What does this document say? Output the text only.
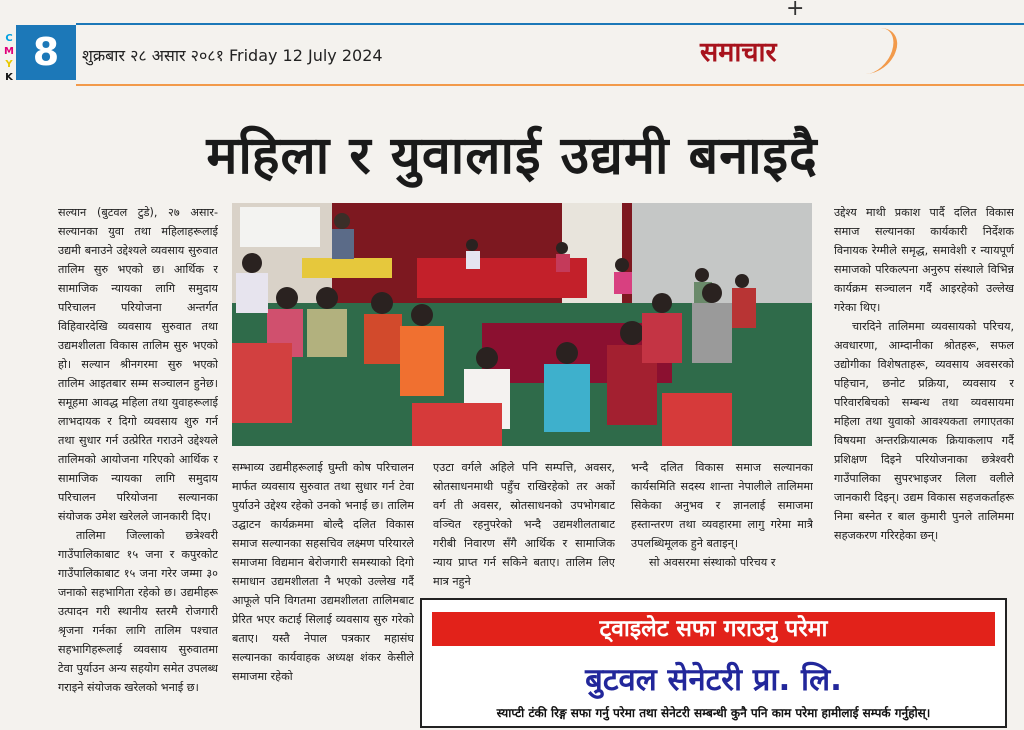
C
M
Y
K
+
8	शुक्रबार २८ असार २०८१ Friday 12 July 2024	समाचार
महिला र युवालाई उद्यमी बनाइदै

सल्यान (बुटवल टुडे), २७ असार-सल्यानका युवा तथा महिलाहरूलाई उद्यमी बनाउने उद्देश्यले व्यवसाय सुरुवात तालिम सुरु भएको छ। आर्थिक र सामाजिक न्यायका लागि समुदाय परिचालन परियोजना अन्तर्गत विहिवारदेखि व्यवसाय सुरुवात तथा उद्यमशीलता विकास तालिम सुरु भएको हो। सल्यान श्रीनगरमा सुरु भएको तालिम आइतबार सम्म सञ्चालन हुनेछ। समूहमा आवद्ध महिला तथा युवाहरूलाई लाभदायक र दिगो व्यवसाय शुरु गर्न तथा सुधार गर्न उत्प्रेरित गराउने उद्देश्यले तालिमको आयोजना गरिएको आर्थिक र सामाजिक न्यायका लागि समुदाय परिचालन परियोजना सल्यानका संयोजक उमेश खरेलले जानकारी दिए।

तालिमा जिल्लाको छत्रेश्वरी गाउँपालिकाबाट १५ जना र कपुरकोट गाउँपालिकाबाट १५ जना गरेर जम्मा ३० जनाको सहभागिता रहेको छ। उद्यमीहरू उत्पादन गरी स्थानीय स्तरमै रोजगारी श्रृजना गर्नका लागि तालिम पश्चात सहभागिहरूलाई व्यवसाय सुरुवातमा टेवा पुर्याउन अन्य सहयोग समेत उपलब्ध गराइने संयोजक खरेलको भनाई छ।

सम्भाव्य उद्यमीहरूलाई घुम्ती कोष परिचालन मार्फत व्यवसाय सुरुवात तथा सुधार गर्न टेवा पुर्याउने उद्देश्य रहेको उनको भनाई छ। तालिम उद्घाटन कार्यक्रममा बोल्दै दलित विकास समाज सल्यानका सहसचिव लक्ष्मण परियारले समाजमा विद्यमान बेरोजगारी समस्याको दिगो समाधान उद्यमशीलता नै भएको उल्लेख गर्दै आफूले पनि विगतमा उद्यमशीलता तालिमबाट प्रेरित भएर कटाई सिलाई व्यवसाय सुरु गरेको बताए। यस्तै नेपाल पत्रकार महासंघ सल्यानका कार्यवाहक अध्यक्ष शंकर केसीले समाजमा रहेको

एउटा वर्गले अहिले पनि सम्पत्ति, अवसर, स्रोतसाधनमाथी पहुँच राखिरहेको तर अर्को वर्ग ती अवसर, स्रोतसाधनको उपभोगबाट वञ्चित रहनुपरेको भन्दै उद्यमशीलताबाट गरीबी निवारण सँगै आर्थिक र सामाजिक न्याय प्राप्त गर्न सकिने बताए। तालिम लिए मात्र नहुने

भन्दै दलित विकास समाज सल्यानका कार्यसमिति सदस्य शान्ता नेपालीले तालिममा सिकेका अनुभव र ज्ञानलाई समाजमा हस्तान्तरण तथा व्यवहारमा लागु गरेमा मात्रै उपलब्धिमूलक हुने बताइन्।

सो अवसरमा संस्थाको परिचय र

उद्देश्य माथी प्रकाश पार्दै दलित विकास समाज सल्यानका कार्यकारी निर्देशक विनायक रेग्मीले समृद्ध, समावेशी र न्यायपूर्ण समाजको परिकल्पना अनुरुप संस्थाले विभिन्न कार्यक्रम सञ्चालन गर्दै आइरहेको उल्लेख गरेका थिए।

चारदिने तालिममा व्यवसायको परिचय, अवधारणा, आम्दानीका श्रोतहरू, सफल उद्योगीका विशेषताहरू, व्यवसाय अवसरको पहिचान, छनोट प्रक्रिया, व्यवसाय र परिवारबिचको सम्बन्ध तथा व्यवसायमा महिला तथा युवाको आवश्यकता लगाएतका विषयमा अन्तरक्रियात्मक क्रियाकलाप गर्दै प्रशिक्षण दिइने परियोजनाका छत्रेश्वरी गाउँपालिका सुपरभाइजर लिला वलीले जानकारी दिइन्। उद्यम विकास सहजकर्ताहरू निमा बस्नेत र बाल कुमारी पुनले तालिममा सहजकरण गरिरहेका छन्।

ट्वाइलेट सफा गराउनु परेमा
बुटवल सेनेटरी प्रा. लि.
स्याप्टी टंकी रिङ्ग सफा गर्नु परेमा तथा सेनेटरी सम्बन्धी कुनै पनि काम परेमा हामीलाई सम्पर्क गर्नुहोस्।
